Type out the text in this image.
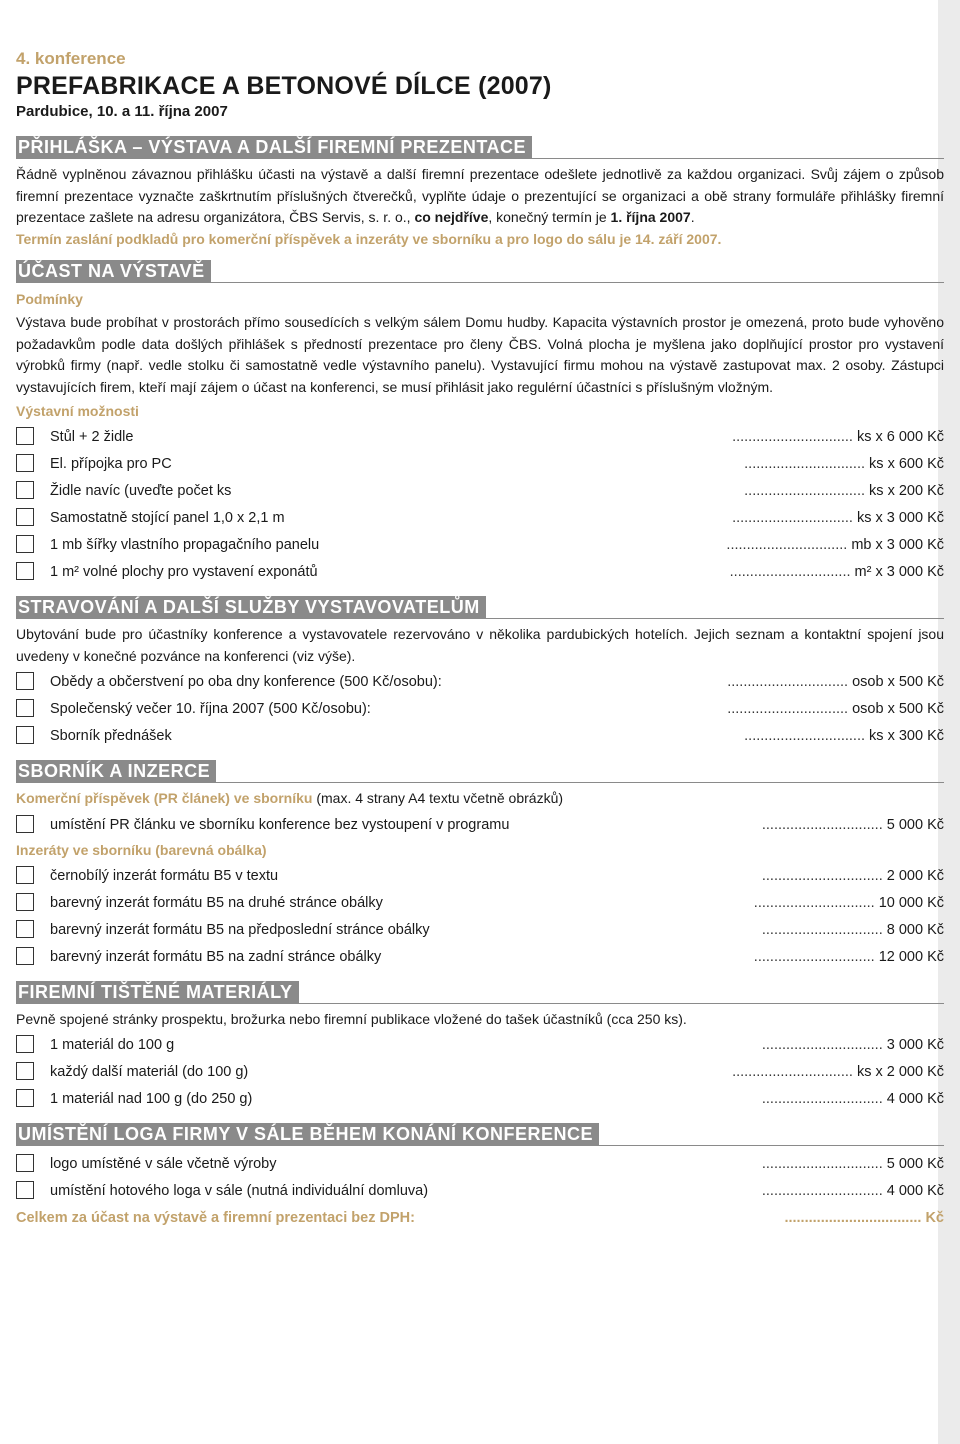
4. konference
PREFABRIKACE A BETONOVÉ DÍLCE (2007)
Pardubice, 10. a 11. října 2007
PŘIHLÁŠKA – VÝSTAVA A DALŠÍ FIREMNÍ PREZENTACE

Řádně vyplněnou závaznou přihlášku účasti na výstavě a další firemní prezentace odešlete jednotlivě za každou organizaci. Svůj zájem o způsob firemní prezentace vyznačte zaškrtnutím příslušných čtverečků, vyplňte údaje o prezentující se organizaci a obě strany formuláře přihlášky firemní prezentace zašlete na adresu organizátora, ČBS Servis, s. r. o., co nejdříve, konečný termín je 1. října 2007.

Termín zaslání podkladů pro komerční příspěvek a inzeráty ve sborníku a pro logo do sálu je 14. září 2007.

ÚČAST NA VÝSTAVĚ
Podmínky

Výstava bude probíhat v prostorách přímo sousedících s velkým sálem Domu hudby. Kapacita výstavních prostor je omezená, proto bude vyhověno požadavkům podle data došlých přihlášek s předností prezentace pro členy ČBS. Volná plocha je myšlena jako doplňující prostor pro vystavení výrobků firmy (např. vedle stolku či samostatně vedle výstavního panelu). Vystavující firmu mohou na výstavě zastupovat max. 2 osoby. Zástupci vystavujících firem, kteří mají zájem o účast na konferenci, se musí přihlásit jako regulérní účastníci s příslušným vložným.

Výstavní možnosti
Stůl + 2 židle	.............................. ks x 6 000 Kč
El. přípojka pro PC	.............................. ks x 600 Kč
Židle navíc (uveďte počet ks	.............................. ks x 200 Kč
Samostatně stojící panel 1,0 x 2,1 m	.............................. ks x 3 000 Kč
1 mb šířky vlastního propagačního panelu	.............................. mb x 3 000 Kč
1 m² volné plochy pro vystavení exponátů	.............................. m² x 3 000 Kč
STRAVOVÁNÍ A DALŠÍ SLUŽBY VYSTAVOVATELŮM

Ubytování bude pro účastníky konference a vystavovatele rezervováno v několika pardubických hotelích. Jejich seznam a kontaktní spojení jsou uvedeny v konečné pozvánce na konferenci (viz výše).

Obědy a občerstvení po oba dny konference (500 Kč/osobu):	.............................. osob x 500 Kč
Společenský večer 10. října 2007 (500 Kč/osobu):	.............................. osob x 500 Kč
Sborník přednášek	.............................. ks x 300 Kč
SBORNÍK A INZERCE
Komerční příspěvek (PR článek) ve sborníku (max. 4 strany A4 textu včetně obrázků)
umístění PR článku ve sborníku konference bez vystoupení v programu	.............................. 5 000 Kč
Inzeráty ve sborníku (barevná obálka)
černobílý inzerát formátu B5 v textu	.............................. 2 000 Kč
barevný inzerát formátu B5 na druhé stránce obálky	.............................. 10 000 Kč
barevný inzerát formátu B5 na předposlední stránce obálky	.............................. 8 000 Kč
barevný inzerát formátu B5 na zadní stránce obálky	.............................. 12 000 Kč
FIREMNÍ TIŠTĚNÉ MATERIÁLY

Pevně spojené stránky prospektu, brožurka nebo firemní publikace vložené do tašek účastníků (cca 250 ks).

1 materiál do 100 g	.............................. 3 000 Kč
každý další materiál (do 100 g)	.............................. ks x 2 000 Kč
1 materiál nad 100 g (do 250 g)	.............................. 4 000 Kč
UMÍSTĚNÍ LOGA FIRMY V SÁLE BĚHEM KONÁNÍ KONFERENCE
logo umístěné v sále včetně výroby	.............................. 5 000 Kč
umístění hotového loga v sále (nutná individuální domluva)	.............................. 4 000 Kč
Celkem za účast na výstavě a firemní prezentaci bez DPH:	.................................. Kč
